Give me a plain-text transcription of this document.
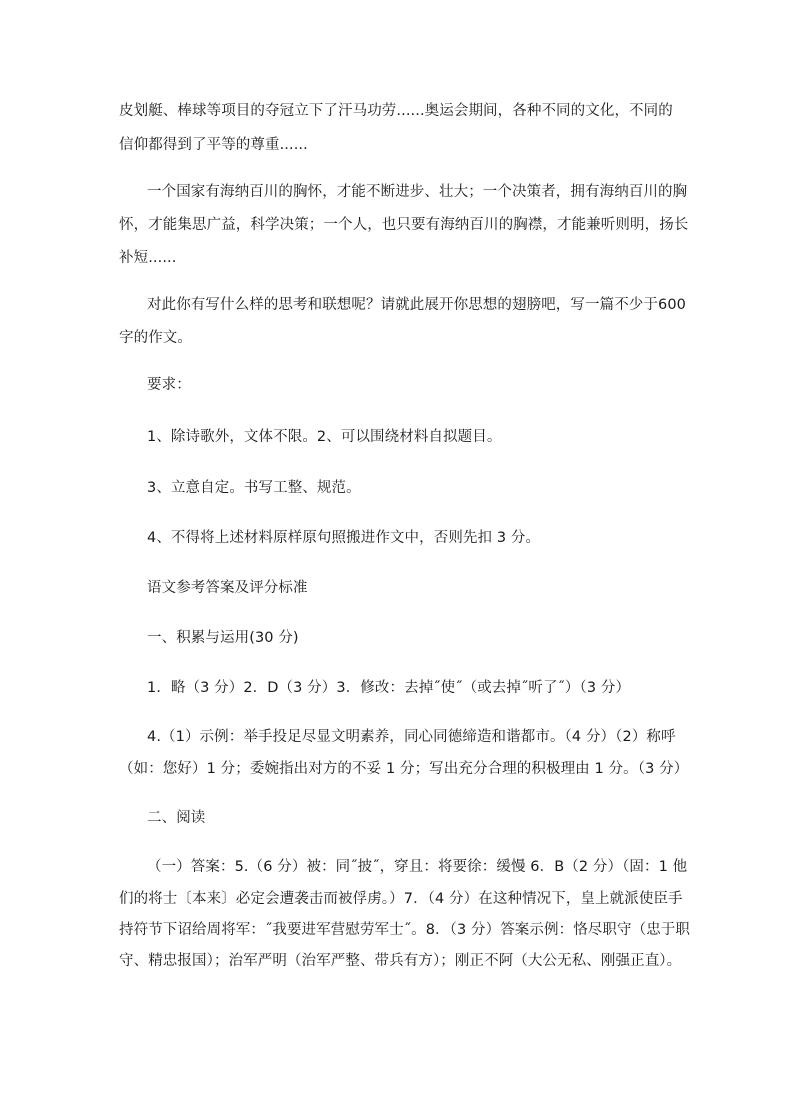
皮划艇、棒球等项目的夺冠立下了汗马功劳......奥运会期间，各种不同的文化，不同的
信仰都得到了平等的尊重......
一个国家有海纳百川的胸怀，才能不断进步、壮大；一个决策者，拥有海纳百川的胸
怀，才能集思广益，科学决策；一个人，也只要有海纳百川的胸襟，才能兼听则明，扬长
补短......
对此你有写什么样的思考和联想呢？请就此展开你思想的翅膀吧，写一篇不少于600
字的作文。
要求：
1、除诗歌外，文体不限。2、可以围绕材料自拟题目。
3、立意自定。书写工整、规范。
4、不得将上述材料原样原句照搬进作文中，否则先扣 3 分。
语文参考答案及评分标准
一、积累与运用(30 分)
1．略（3 分）2．D（3 分）3．修改：去掉˝使˝（或去掉˝听了˝）（3 分）
4.（1）示例：举手投足尽显文明素养，同心同德缔造和谐都市。（4 分）（2）称呼
（如：您好）1 分；委婉指出对方的不妥 1 分；写出充分合理的积极理由 1 分。（3 分）
二、阅读
（一）答案：5.（6 分）被：同˝披˝，穿且：将要徐：缓慢 6．B（2 分）（固：1 他
们的将士〔本来〕必定会遭袭击而被俘虏。）7．（4 分）在这种情况下，皇上就派使臣手
持符节下诏给周将军：˝我要进军营慰劳军士˝。8．（3 分）答案示例：恪尽职守（忠于职
守、精忠报国）；治军严明（治军严整、带兵有方）；刚正不阿（大公无私、刚强正直）。
